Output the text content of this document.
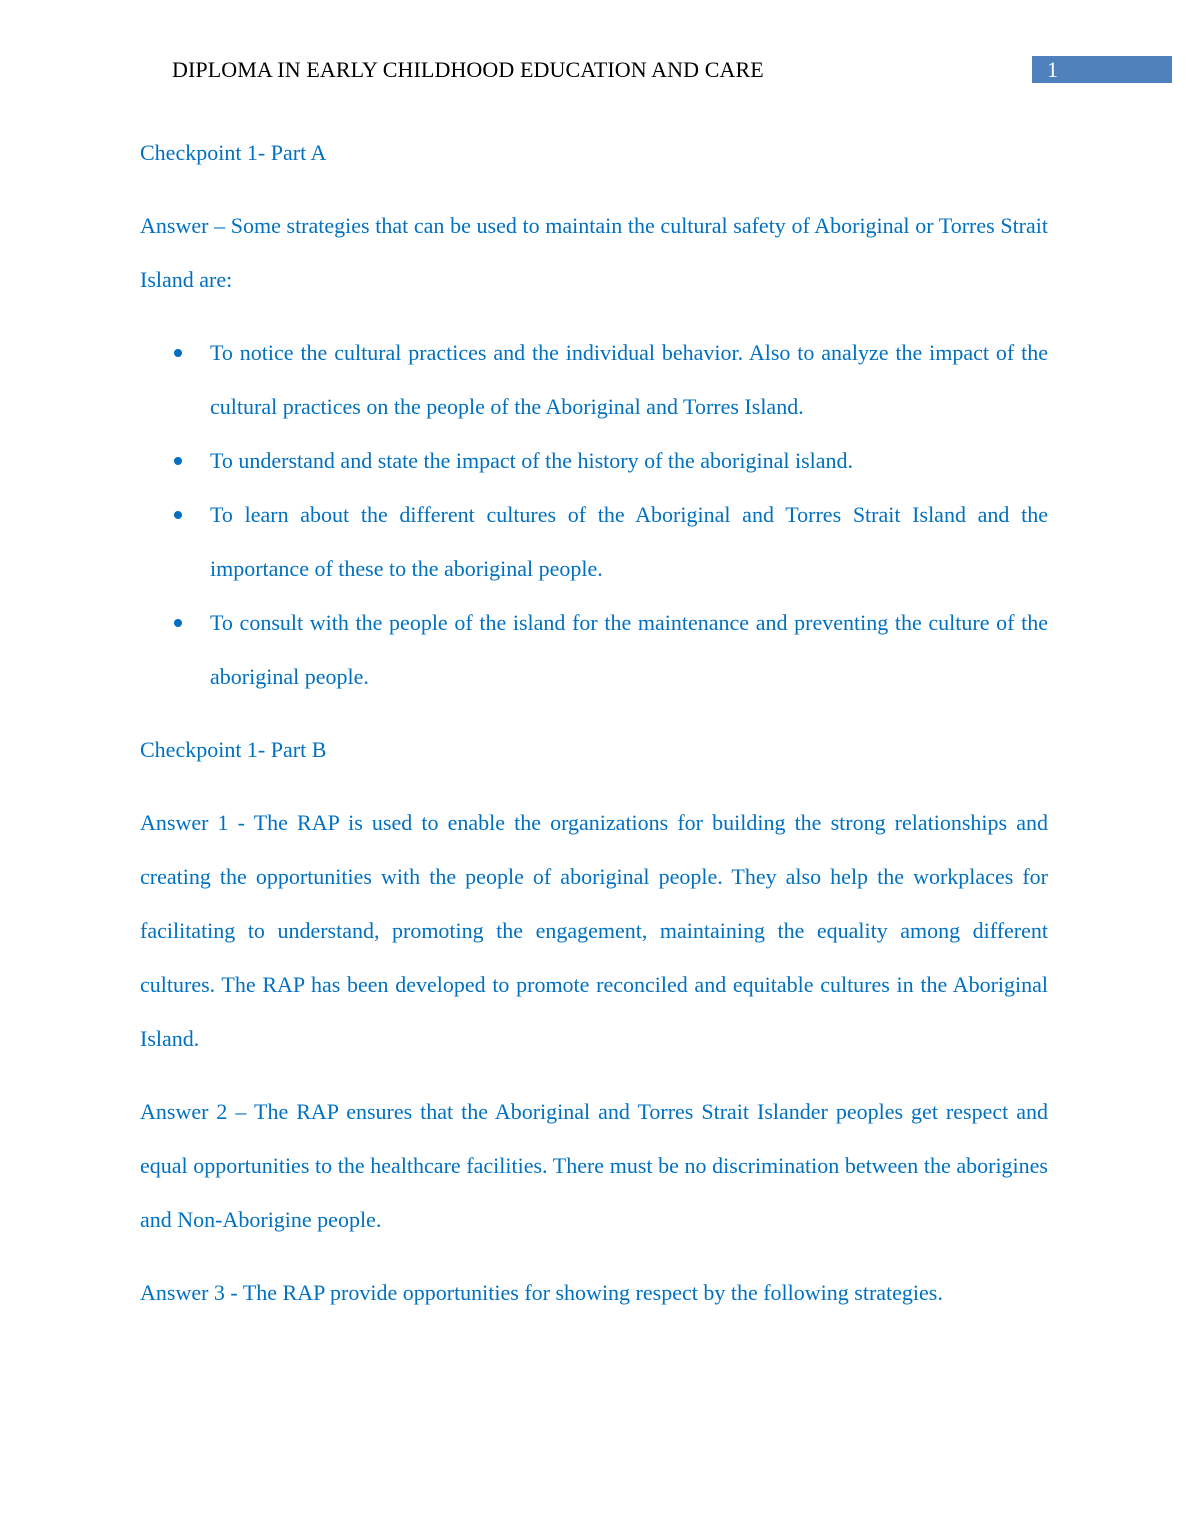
DIPLOMA IN EARLY CHILDHOOD EDUCATION AND CARE	1
Checkpoint 1- Part A
Answer – Some strategies that can be used to maintain the cultural safety of Aboriginal or Torres Strait Island are:
To notice the cultural practices and the individual behavior. Also to analyze the impact of the cultural practices on the people of the Aboriginal and Torres Island.
To understand and state the impact of the history of the aboriginal island.
To learn about the different cultures of the Aboriginal and Torres Strait Island and the importance of these to the aboriginal people.
To consult with the people of the island for the maintenance and preventing the culture of the aboriginal people.
Checkpoint 1- Part B
Answer 1 - The RAP is used to enable the organizations for building the strong relationships and creating the opportunities with the people of aboriginal people. They also help the workplaces for facilitating to understand, promoting the engagement, maintaining the equality among different cultures. The RAP has been developed to promote reconciled and equitable cultures in the Aboriginal Island.
Answer 2 – The RAP ensures that the Aboriginal and Torres Strait Islander peoples get respect and equal opportunities to the healthcare facilities. There must be no discrimination between the aborigines and Non-Aborigine people.
Answer 3 - The RAP provide opportunities for showing respect by the following strategies.
